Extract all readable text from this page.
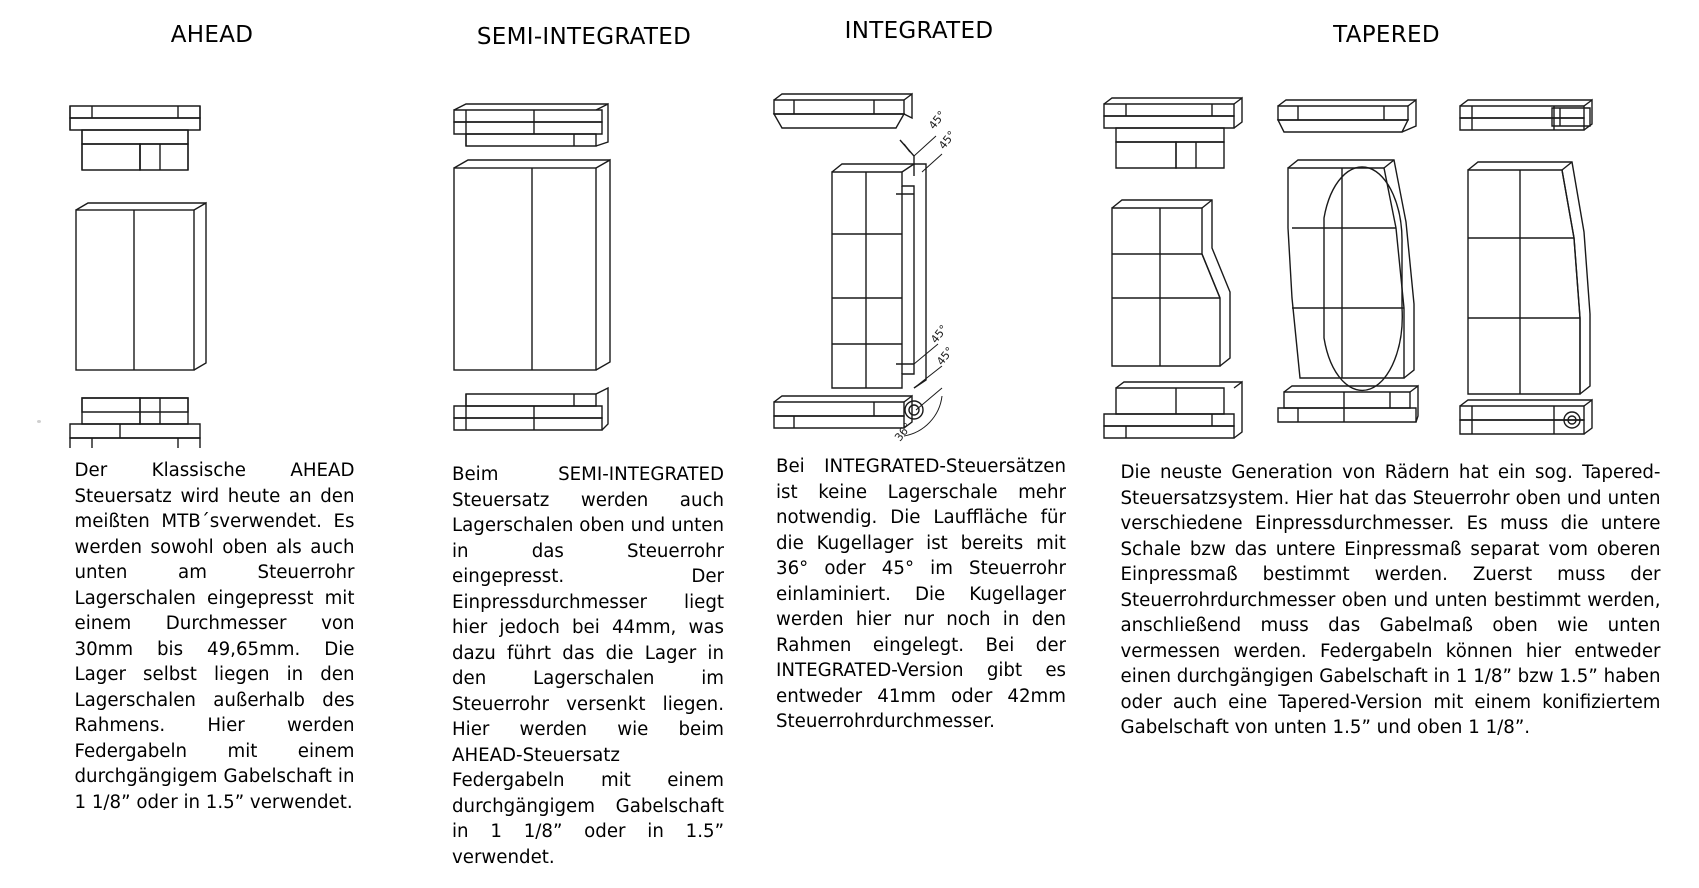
AHEAD
Der Klassische AHEAD Steuersatz wird heute an den meißten MTB´sverwendet. Es werden sowohl oben als auch unten am Steuerrohr Lagerschalen eingepresst mit einem Durchmesser von 30mm bis 49,65mm. Die Lager selbst liegen in den Lagerschalen außerhalb des Rahmens. Hier werden Federgabeln mit einem durchgängigem Gabelschaft in 1 1/8” oder in 1.5” verwendet.
SEMI-INTEGRATED
Beim SEMI-INTEGRATED Steuersatz werden auch Lagerschalen oben und unten in das Steuerrohr eingepresst. Der Einpressdurchmesser liegt hier jedoch bei 44mm, was dazu führt das die Lager in den Lagerschalen im Steuerrohr versenkt liegen. Hier werden wie beim AHEAD-Steuersatz Federgabeln mit einem durchgängigem Gabelschaft in 1 1/8” oder in 1.5” verwendet.
INTEGRATED
45°
45°
45°
45°
36°
Bei INTEGRATED-Steuersätzen ist keine Lagerschale mehr notwendig. Die Lauffläche für die Kugellager ist bereits mit 36° oder 45° im Steuerrohr einlaminiert. Die Kugellager werden hier nur noch in den Rahmen eingelegt. Bei der INTEGRATED-Version gibt es entweder 41mm oder 42mm Steuerrohrdurchmesser.
TAPERED
Die neuste Generation von Rädern hat ein sog. Tapered-Steuersatzsystem. Hier hat das Steuerrohr oben und unten verschiedene Einpressdurchmesser. Es muss die untere Schale bzw das untere Einpressmaß separat vom oberen Einpressmaß bestimmt werden. Zuerst muss der Steuerrohrdurchmesser oben und unten bestimmt werden, anschließend muss das Gabelmaß oben wie unten vermessen werden. Federgabeln können hier entweder einen durchgängigen Gabelschaft in 1 1/8” bzw 1.5” haben oder auch eine Tapered-Version mit einem konifiziertem Gabelschaft von unten 1.5” und oben 1 1/8”.
